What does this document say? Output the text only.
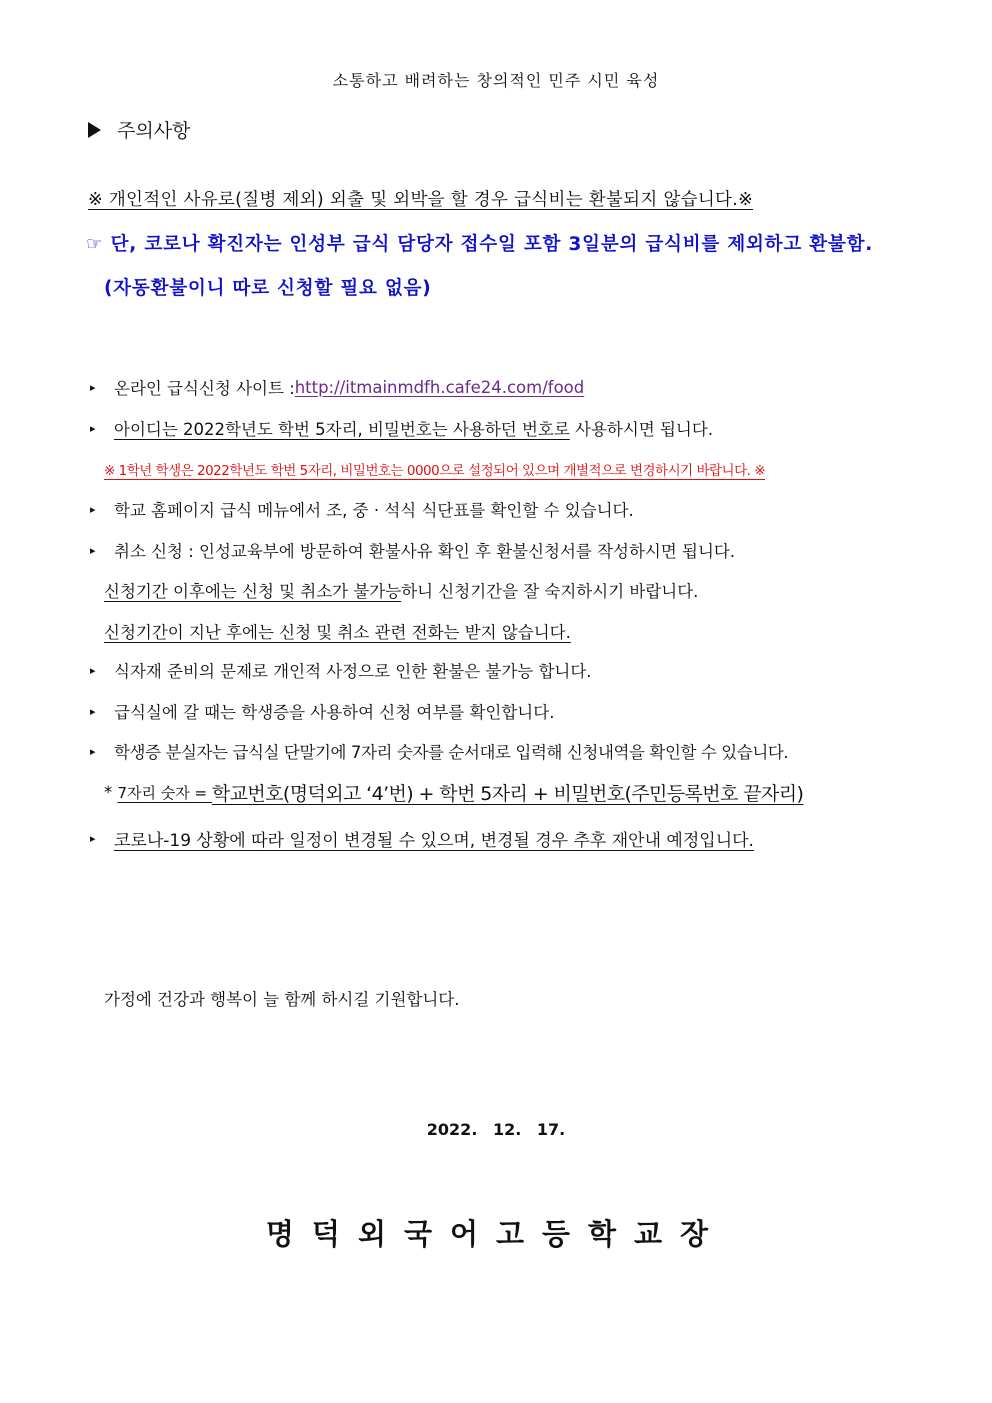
소통하고 배려하는 창의적인 민주 시민 육성
주의사항
※ 개인적인 사유로(질병 제외) 외출 및 외박을 할 경우 급식비는 환불되지 않습니다.※
☞ 단, 코로나 확진자는 인성부 급식 담당자 접수일 포함 3일분의 급식비를 제외하고 환불함.
(자동환불이니 따로 신청할 필요 없음)
▸	온라인 급식신청 사이트 : http://itmainmdfh.cafe24.com/food
▸	아이디는 2022학년도 학번 5자리, 비밀번호는 사용하던 번호로 사용하시면 됩니다.
※ 1학년 학생은 2022학년도 학번 5자리, 비밀번호는 0000으로 설정되어 있으며 개별적으로 변경하시기 바랍니다. ※
▸	학교 홈페이지 급식 메뉴에서 조, 중 · 석식 식단표를 확인할 수 있습니다.
▸	취소 신청 : 인성교육부에 방문하여 환불사유 확인 후 환불신청서를 작성하시면 됩니다.
신청기간 이후에는 신청 및 취소가 불가능 하니 신청기간을 잘 숙지하시기 바랍니다.
신청기간이 지난 후에는 신청 및 취소 관련 전화는 받지 않습니다.
▸	식자재 준비의 문제로 개인적 사정으로 인한 환불은 불가능 합니다.
▸	급식실에 갈 때는 학생증을 사용하여 신청 여부를 확인합니다.
▸	학생증 분실자는 급식실 단말기에 7자리 숫자를 순서대로 입력해 신청내역을 확인할 수 있습니다.
* 7자리 숫자 = 학교번호(명덕외고 ‘4’번) + 학번 5자리 + 비밀번호(주민등록번호 끝자리)
▸	코로나-19 상황에 따라 일정이 변경될 수 있으며, 변경될 경우 추후 재안내 예정입니다.
가정에 건강과 행복이 늘 함께 하시길 기원합니다.
2022. 12. 17.
명덕외국어고등학교장
